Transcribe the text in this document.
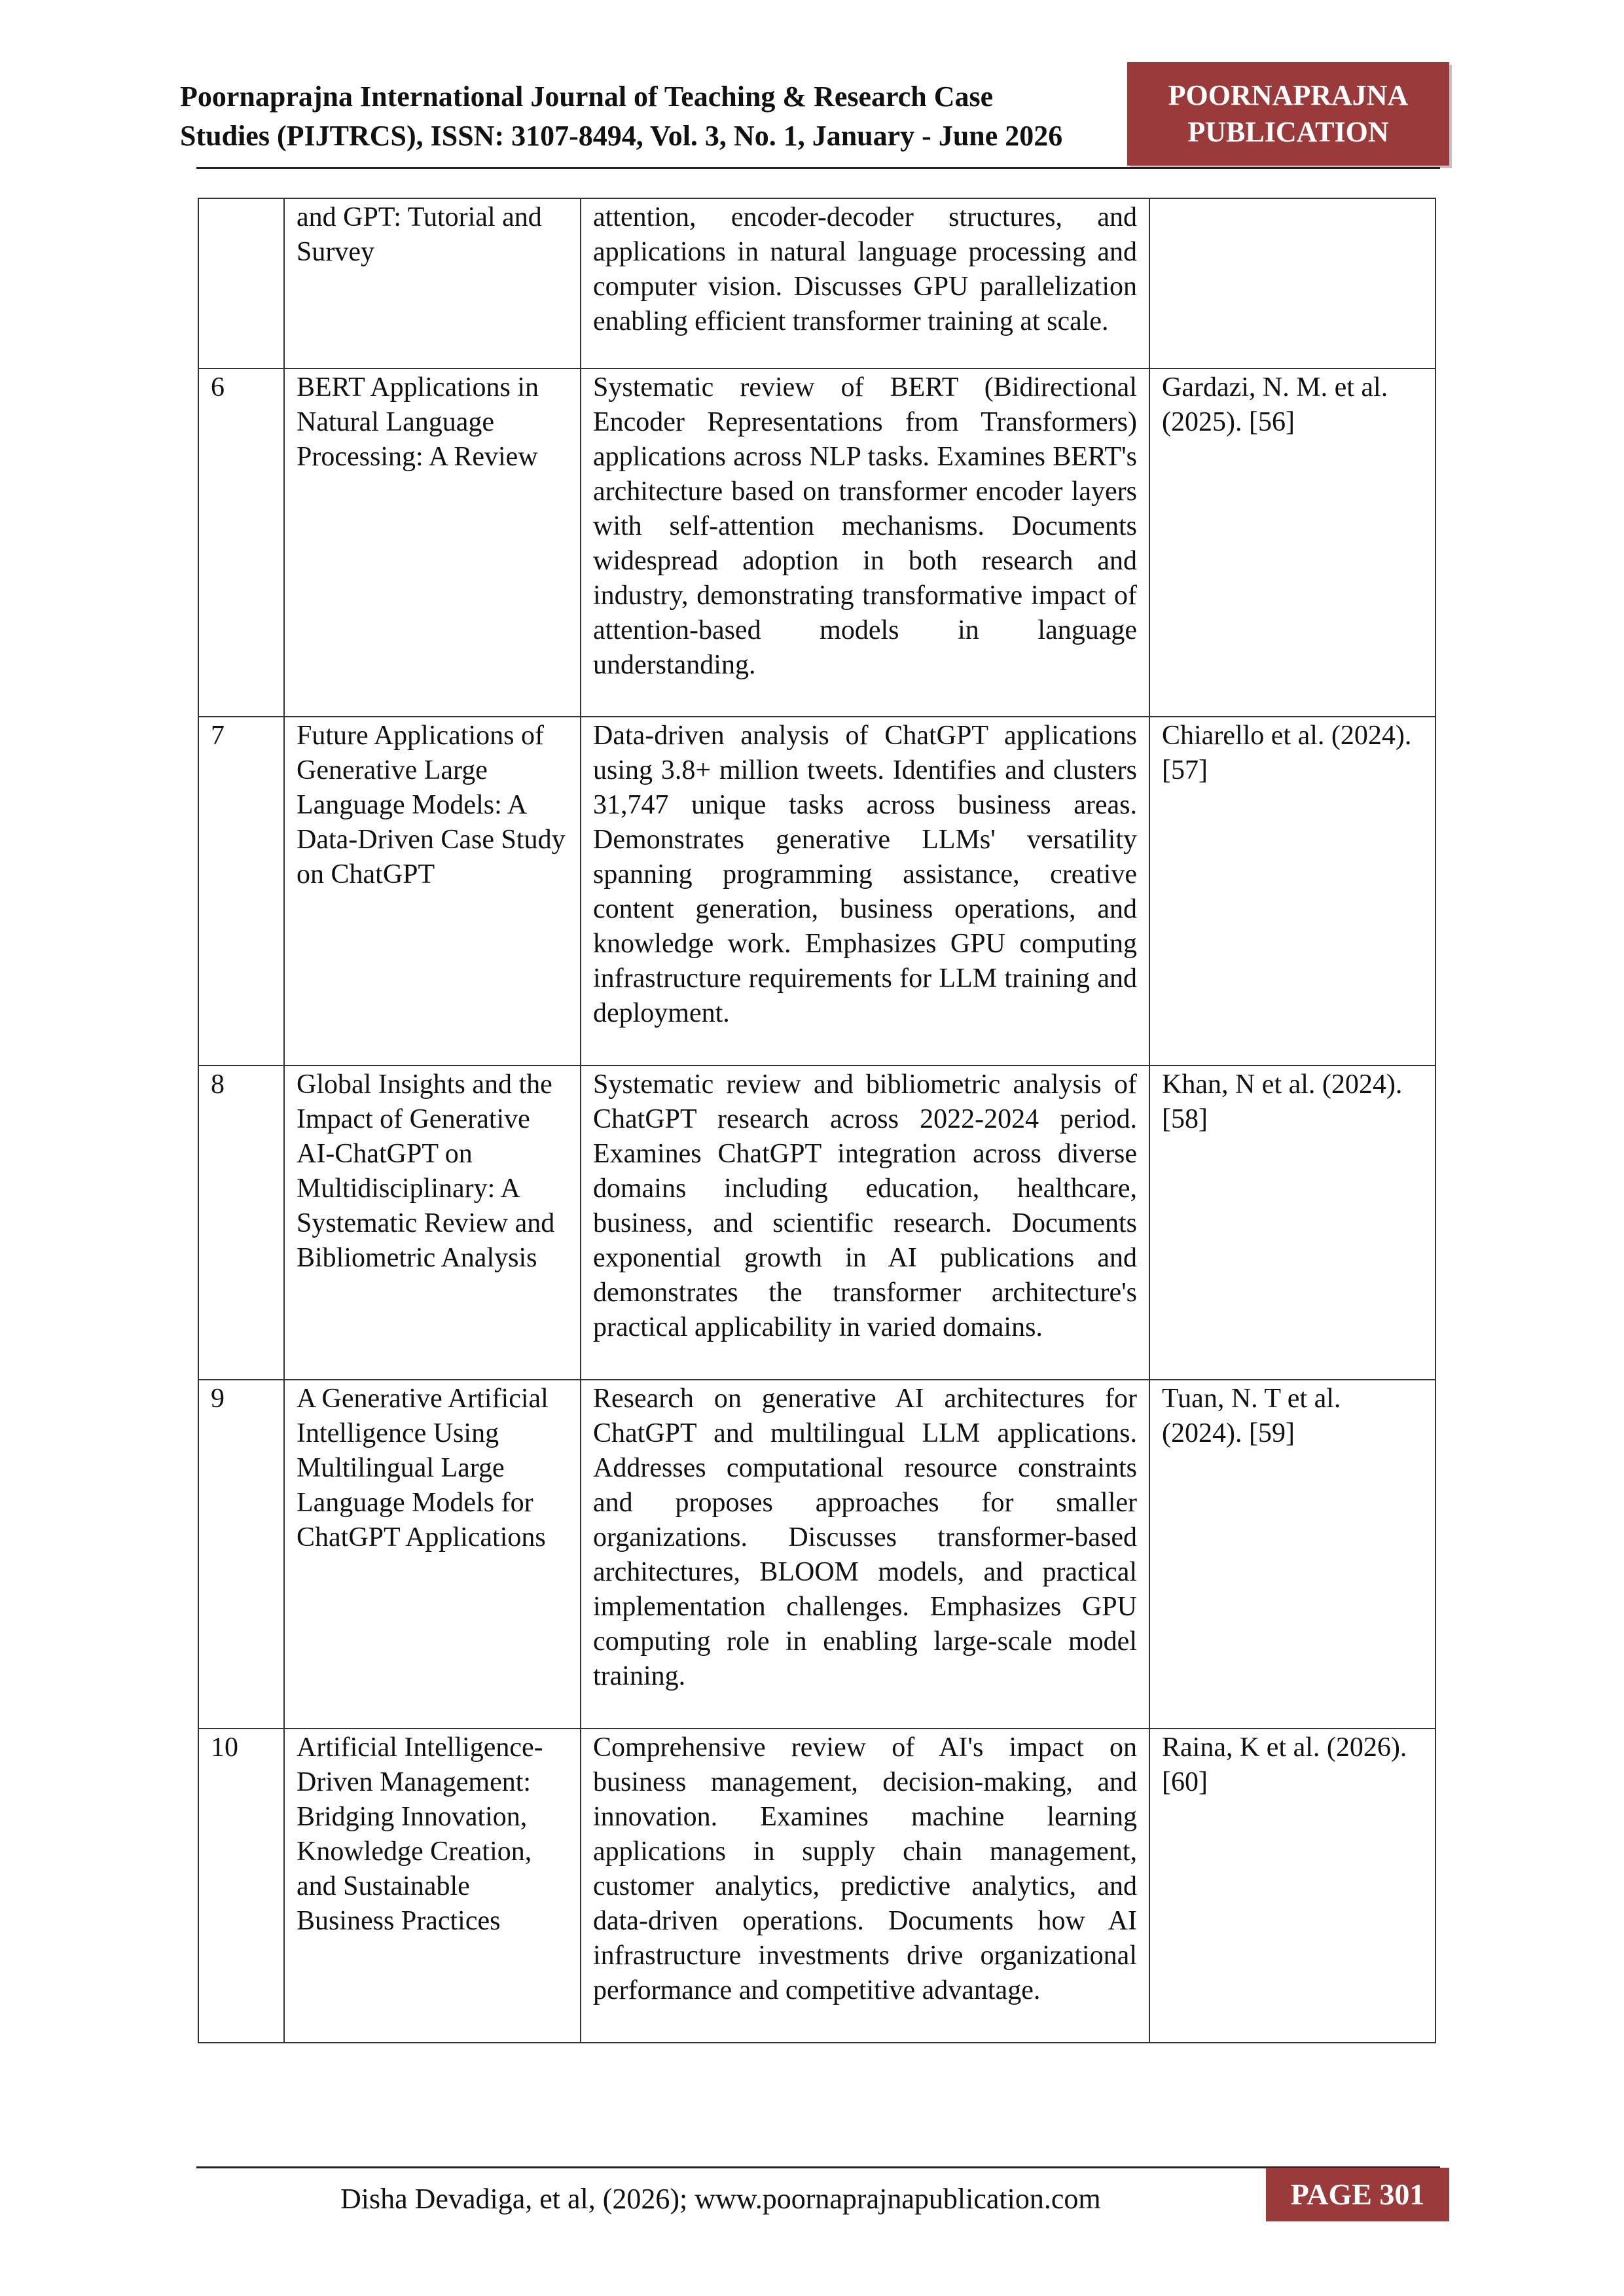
Poornaprajna International Journal of Teaching & Research Case
Studies (PIJTRCS), ISSN: 3107-8494, Vol. 3, No. 1, January - June 2026
POORNAPRAJNA
PUBLICATION
	and GPT: Tutorial and Survey	attention, encoder-decoder structures, and applications in natural language processing and computer vision. Discusses GPU parallelization enabling efficient transformer training at scale.	
6	BERT Applications in Natural Language Processing: A Review	Systematic review of BERT (Bidirectional Encoder Representations from Transformers) applications across NLP tasks. Examines BERT's architecture based on transformer encoder layers with self-attention mechanisms. Documents widespread adoption in both research and industry, demonstrating transformative impact of attention-based models in language understanding.	Gardazi, N. M. et al. (2025). [56]
7	Future Applications of Generative Large Language Models: A Data-Driven Case Study on ChatGPT	Data-driven analysis of ChatGPT applications using 3.8+ million tweets. Identifies and clusters 31,747 unique tasks across business areas. Demonstrates generative LLMs' versatility spanning programming assistance, creative content generation, business operations, and knowledge work. Emphasizes GPU computing infrastructure requirements for LLM training and deployment.	Chiarello et al. (2024). [57]
8	Global Insights and the Impact of Generative AI-ChatGPT on Multidisciplinary: A Systematic Review and Bibliometric Analysis	Systematic review and bibliometric analysis of ChatGPT research across 2022-2024 period. Examines ChatGPT integration across diverse domains including education, healthcare, business, and scientific research. Documents exponential growth in AI publications and demonstrates the transformer architecture's practical applicability in varied domains.	Khan, N et al. (2024). [58]
9	A Generative Artificial Intelligence Using Multilingual Large Language Models for ChatGPT Applications	Research on generative AI architectures for ChatGPT and multilingual LLM applications. Addresses computational resource constraints and proposes approaches for smaller organizations. Discusses transformer-based architectures, BLOOM models, and practical implementation challenges. Emphasizes GPU computing role in enabling large-scale model training.	Tuan, N. T et al. (2024). [59]
10	Artificial Intelligence-Driven Management: Bridging Innovation, Knowledge Creation, and Sustainable Business Practices	Comprehensive review of AI's impact on business management, decision-making, and innovation. Examines machine learning applications in supply chain management, customer analytics, predictive analytics, and data-driven operations. Documents how AI infrastructure investments drive organizational performance and competitive advantage.	Raina, K et al. (2026). [60]
Disha Devadiga, et al, (2026); www.poornaprajnapublication.com	PAGE 301
